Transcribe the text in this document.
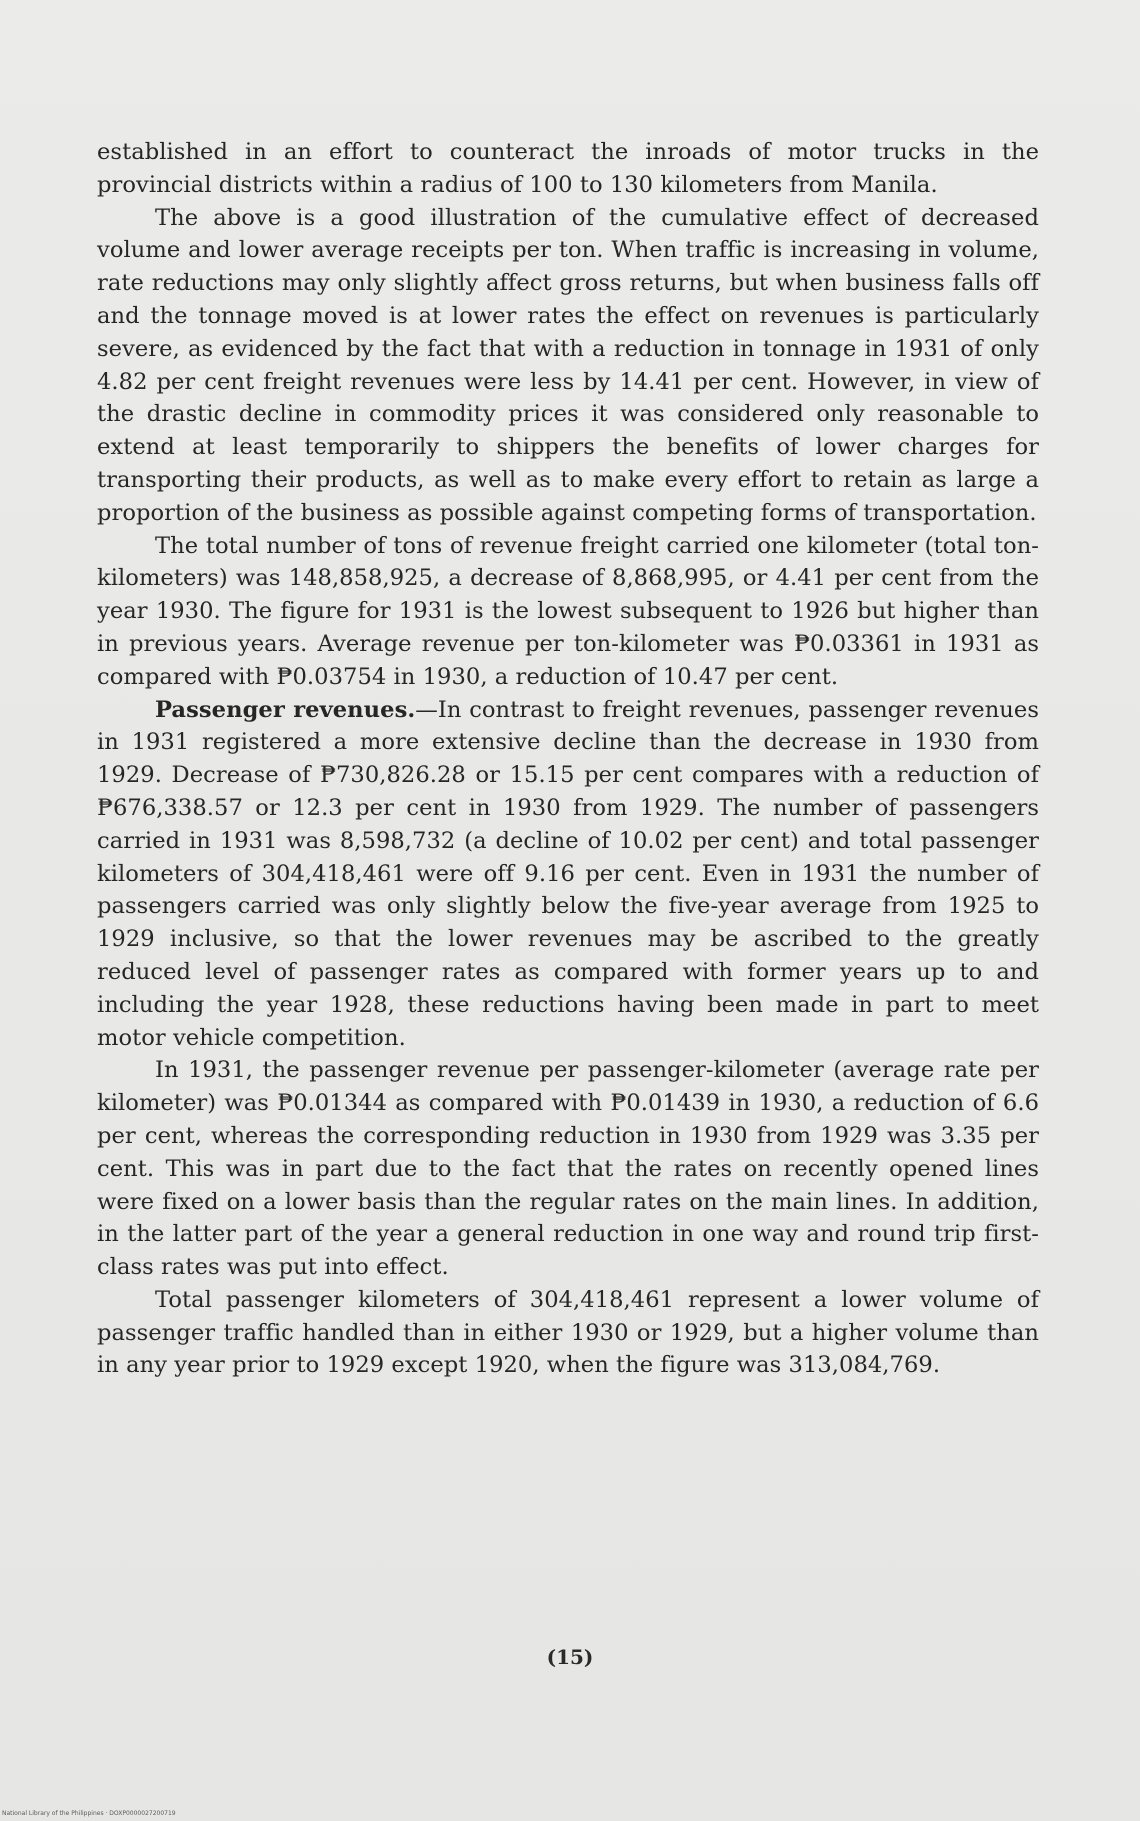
established in an effort to counteract the inroads of motor trucks in the provincial districts within a radius of 100 to 130 kilometers from Manila.

The above is a good illustration of the cumulative effect of decreased volume and lower average receipts per ton. When traffic is increasing in volume, rate reductions may only slightly affect gross returns, but when business falls off and the tonnage moved is at lower rates the effect on revenues is particularly severe, as evidenced by the fact that with a reduction in tonnage in 1931 of only 4.82 per cent freight revenues were less by 14.41 per cent. However, in view of the drastic decline in commodity prices it was considered only reasonable to extend at least temporarily to shippers the benefits of lower charges for transporting their products, as well as to make every effort to retain as large a proportion of the business as possible against competing forms of transportation.

The total number of tons of revenue freight carried one kilometer (total ton-kilometers) was 148,858,925, a decrease of 8,868,995, or 4.41 per cent from the year 1930. The figure for 1931 is the lowest subsequent to 1926 but higher than in previous years. Average revenue per ton-kilometer was ₱0.03361 in 1931 as compared with ₱0.03754 in 1930, a reduction of 10.47 per cent.

Passenger revenues.—In contrast to freight revenues, passenger revenues in 1931 registered a more extensive decline than the decrease in 1930 from 1929. Decrease of ₱730,826.28 or 15.15 per cent compares with a reduction of ₱676,338.57 or 12.3 per cent in 1930 from 1929. The number of passengers carried in 1931 was 8,598,732 (a decline of 10.02 per cent) and total passenger kilometers of 304,418,461 were off 9.16 per cent. Even in 1931 the number of passengers carried was only slightly below the five-year average from 1925 to 1929 inclusive, so that the lower revenues may be ascribed to the greatly reduced level of passenger rates as compared with former years up to and including the year 1928, these reductions having been made in part to meet motor vehicle competition.

In 1931, the passenger revenue per passenger-kilometer (average rate per kilometer) was ₱0.01344 as compared with ₱0.01439 in 1930, a reduction of 6.6 per cent, whereas the corresponding reduction in 1930 from 1929 was 3.35 per cent. This was in part due to the fact that the rates on recently opened lines were fixed on a lower basis than the regular rates on the main lines. In addition, in the latter part of the year a general reduction in one way and round trip first-class rates was put into effect.

Total passenger kilometers of 304,418,461 represent a lower volume of passenger traffic handled than in either 1930 or 1929, but a higher volume than in any year prior to 1929 except 1920, when the figure was 313,084,769.

(15)
National Library of the Philippines · DOXP0000027200719
